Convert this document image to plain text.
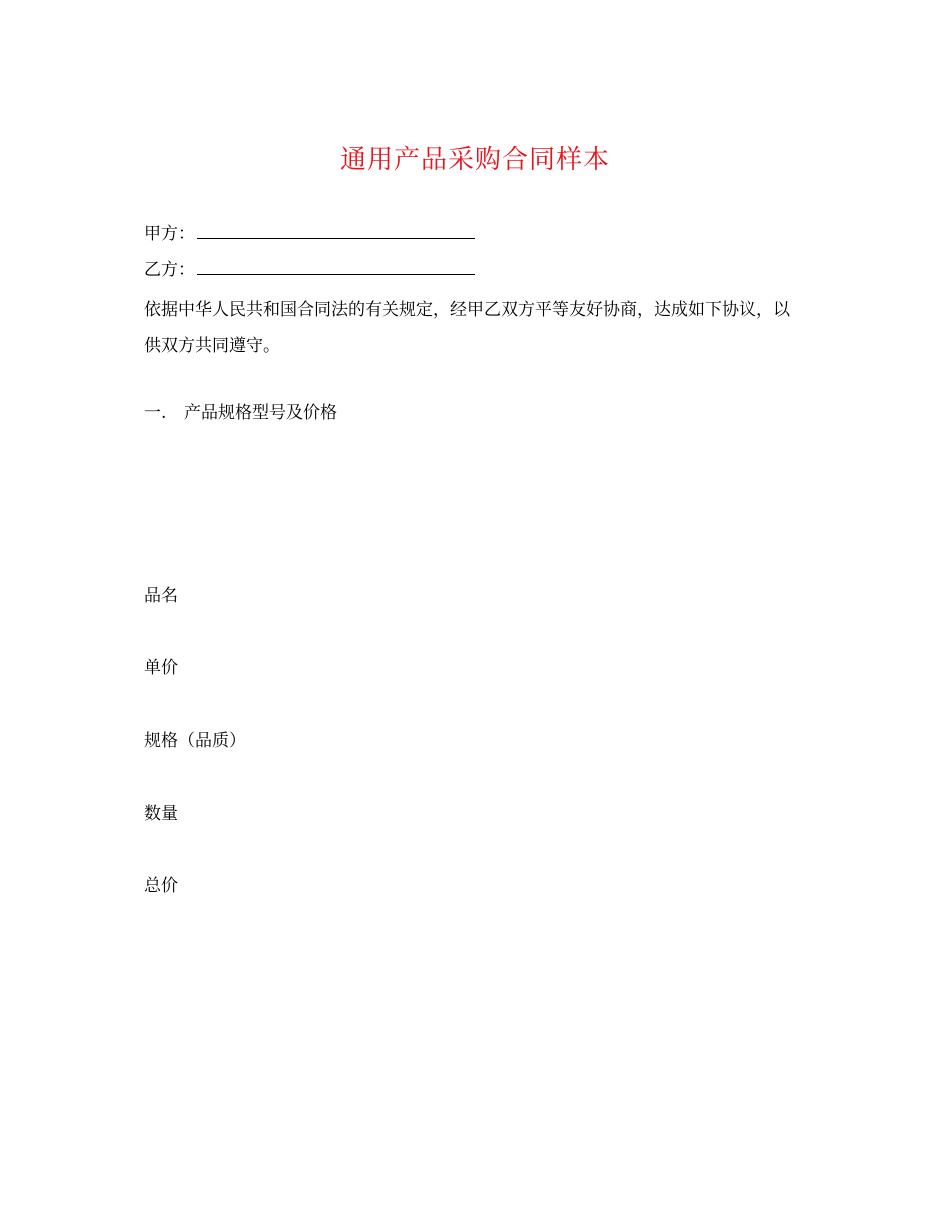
通用产品采购合同样本
甲方：
乙方：
依据中华人民共和国合同法的有关规定，经甲乙双方平等友好协商，达成如下协议，以供双方共同遵守。
一. 产品规格型号及价格
品名
单价
规格（品质）
数量
总价
